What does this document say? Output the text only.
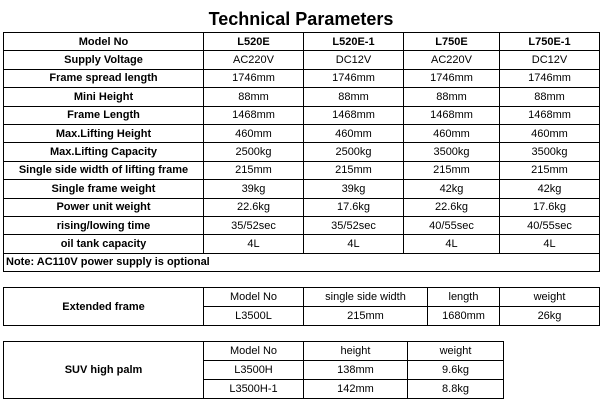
Technical Parameters
Model No	L520E	L520E-1	L750E	L750E-1
Supply Voltage	AC220V	DC12V	AC220V	DC12V
Frame spread length	1746mm	1746mm	1746mm	1746mm
Mini Height	88mm	88mm	88mm	88mm
Frame Length	1468mm	1468mm	1468mm	1468mm
Max.Lifting Height	460mm	460mm	460mm	460mm
Max.Lifting Capacity	2500kg	2500kg	3500kg	3500kg
Single side width of lifting frame	215mm	215mm	215mm	215mm
Single frame weight	39kg	39kg	42kg	42kg
Power unit weight	22.6kg	17.6kg	22.6kg	17.6kg
rising/lowing time	35/52sec	35/52sec	40/55sec	40/55sec
oil tank capacity	4L	4L	4L	4L
Note: AC110V power supply is optional				
Extended frame	Model No	single side width	length	weight
	L3500L	215mm	1680mm	26kg
SUV high palm	Model No	height	weight
	L3500H	138mm	9.6kg
	L3500H-1	142mm	8.8kg
